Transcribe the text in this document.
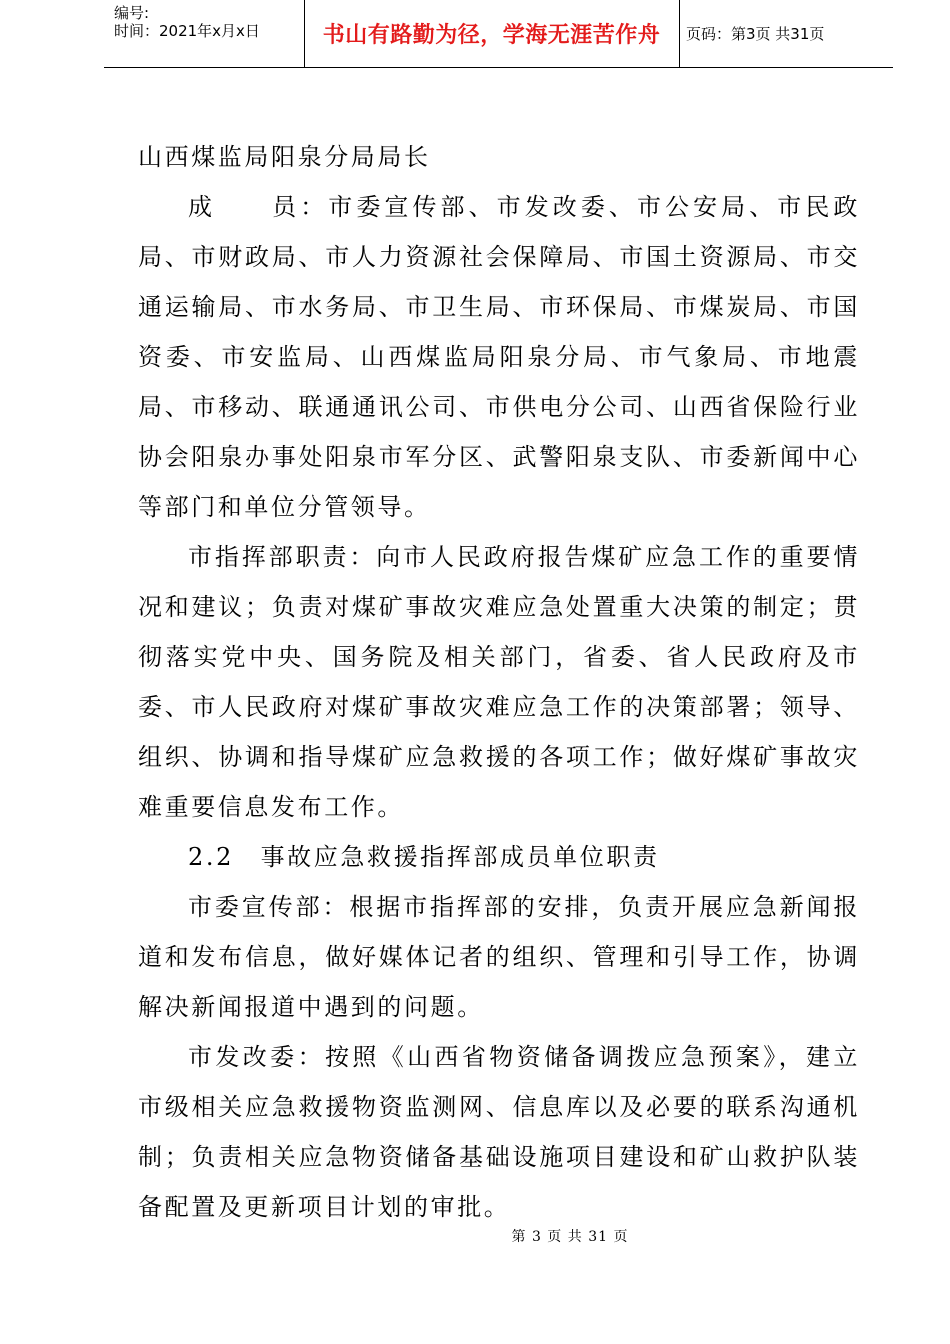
编号:
时间：2021年x月x日	书山有路勤为径，学海无涯苦作舟 页码：第3页 共31页

山西煤监局阳泉分局局长

成　　员：市委宣传部、市发改委、市公安局、市民政局、市财政局、市人力资源社会保障局、市国土资源局、市交通运输局、市水务局、市卫生局、市环保局、市煤炭局、市国资委、市安监局、山西煤监局阳泉分局、市气象局、市地震局、市移动、联通通讯公司、市供电分公司、山西省保险行业协会阳泉办事处阳泉市军分区、武警阳泉支队、市委新闻中心等部门和单位分管领导。

市指挥部职责：向市人民政府报告煤矿应急工作的重要情况和建议；负责对煤矿事故灾难应急处置重大决策的制定；贯彻落实党中央、国务院及相关部门，省委、省人民政府及市委、市人民政府对煤矿事故灾难应急工作的决策部署；领导、组织、协调和指导煤矿应急救援的各项工作；做好煤矿事故灾难重要信息发布工作。

2.2　事故应急救援指挥部成员单位职责

市委宣传部：根据市指挥部的安排，负责开展应急新闻报道和发布信息，做好媒体记者的组织、管理和引导工作，协调解决新闻报道中遇到的问题。

市发改委：按照《山西省物资储备调拨应急预案》，建立市级相关应急救援物资监测网、信息库以及必要的联系沟通机制；负责相关应急物资储备基础设施项目建设和矿山救护队装备配置及更新项目计划的审批。

第 3 页 共 31 页
